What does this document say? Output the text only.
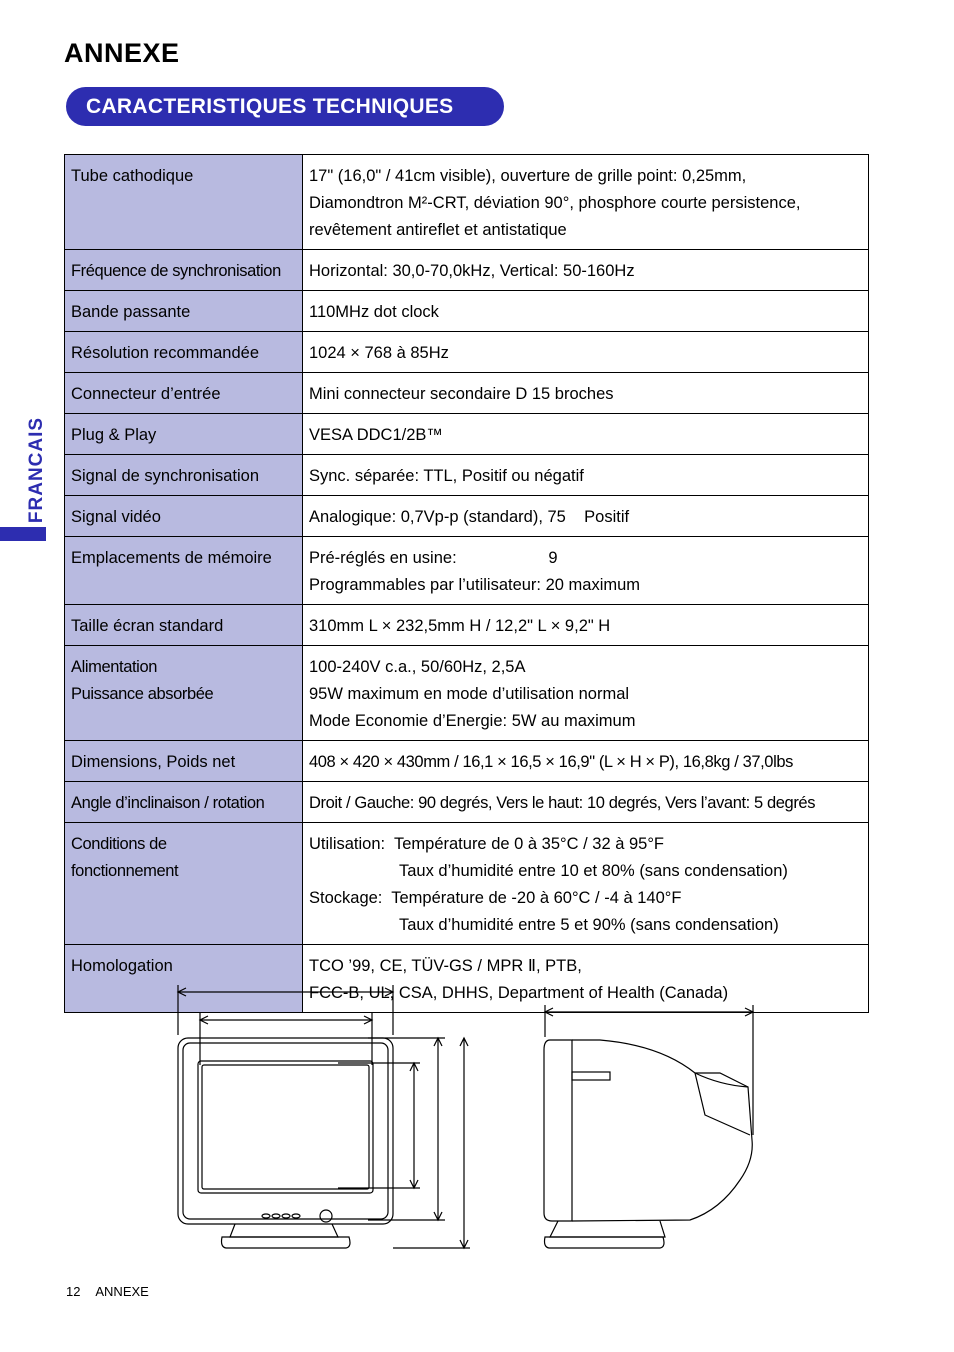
ANNEXE
CARACTERISTIQUES TECHNIQUES
FRANCAIS
Tube cathodique	17" (16,0" / 41cm visible), ouverture de grille point: 0,25mm,
Diamondtron M²-CRT, déviation 90°, phosphore courte persistence,
revêtement antireflet et antistatique

Fréquence de synchronisation	Horizontal: 30,0-70,0kHz, Vertical: 50-160Hz

Bande passante	110MHz dot clock

Résolution recommandée	1024 × 768 à 85Hz

Connecteur d’entrée	Mini connecteur secondaire D 15 broches

Plug & Play	VESA DDC1/2B™

Signal de synchronisation	Sync. séparée: TTL, Positif ou négatif

Signal vidéo	Analogique: 0,7Vp-p (standard), 75    Positif

Emplacements de mémoire	Pré-réglés en usine:                    9
Programmables par l’utilisateur: 20 maximum

Taille écran standard	310mm L × 232,5mm H / 12,2" L × 9,2" H

Alimentation
Puissance absorbée	100-240V c.a., 50/60Hz, 2,5A
95W maximum en mode d’utilisation normal
Mode Economie d’Energie: 5W au maximum

Dimensions, Poids net	408 × 420 × 430mm / 16,1 × 16,5 × 16,9" (L × H × P), 16,8kg / 37,0lbs

Angle d’inclinaison / rotation	Droit / Gauche: 90 degrés, Vers le haut: 10 degrés, Vers l’avant: 5 degrés

Conditions de
fonctionnement	Utilisation:  Température de 0 à 35°C / 32 à 95°F
Taux d’humidité entre 10 et 80% (sans condensation)
Stockage:  Température de -20 à 60°C / -4 à 140°F
Taux d’humidité entre 5 et 90% (sans condensation)

Homologation	TCO ’99, CE, TÜV-GS / MPR Ⅱ, PTB,
FCC-B, UL, CSA, DHHS, Department of Health (Canada)
12 ANNEXE
